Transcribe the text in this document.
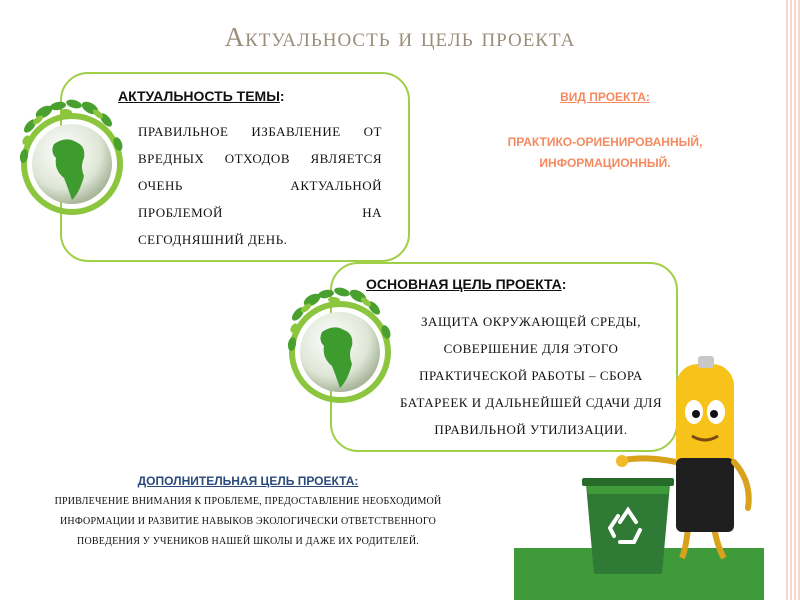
Актуальность и цель проекта
АКТУАЛЬНОСТЬ ТЕМЫ:
ПРАВИЛЬНОЕ ИЗБАВЛЕНИЕ ОТ
ВРЕДНЫХ ОТХОДОВ ЯВЛЯЕТСЯ
ОЧЕНЬ АКТУАЛЬНОЙ
ПРОБЛЕМОЙ НА
СЕГОДНЯШНИЙ ДЕНЬ.
ВИД ПРОЕКТА:
ПРАКТИКО-ОРИЕНИРОВАННЫЙ,
ИНФОРМАЦИОННЫЙ.
ОСНОВНАЯ ЦЕЛЬ ПРОЕКТА:
ЗАЩИТА ОКРУЖАЮЩЕЙ СРЕДЫ,
СОВЕРШЕНИЕ ДЛЯ ЭТОГО
ПРАКТИЧЕСКОЙ РАБОТЫ – СБОРА
БАТАРЕЕК И ДАЛЬНЕЙШЕЙ СДАЧИ ДЛЯ
ПРАВИЛЬНОЙ УТИЛИЗАЦИИ.
ДОПОЛНИТЕЛЬНАЯ ЦЕЛЬ ПРОЕКТА:
ПРИВЛЕЧЕНИЕ ВНИМАНИЯ К ПРОБЛЕМЕ, ПРЕДОСТАВЛЕНИЕ НЕОБХОДИМОЙ
ИНФОРМАЦИИ И РАЗВИТИЕ НАВЫКОВ ЭКОЛОГИЧЕСКИ ОТВЕТСТВЕННОГО
ПОВЕДЕНИЯ У УЧЕНИКОВ НАШЕЙ ШКОЛЫ И ДАЖЕ ИХ РОДИТЕЛЕЙ.
